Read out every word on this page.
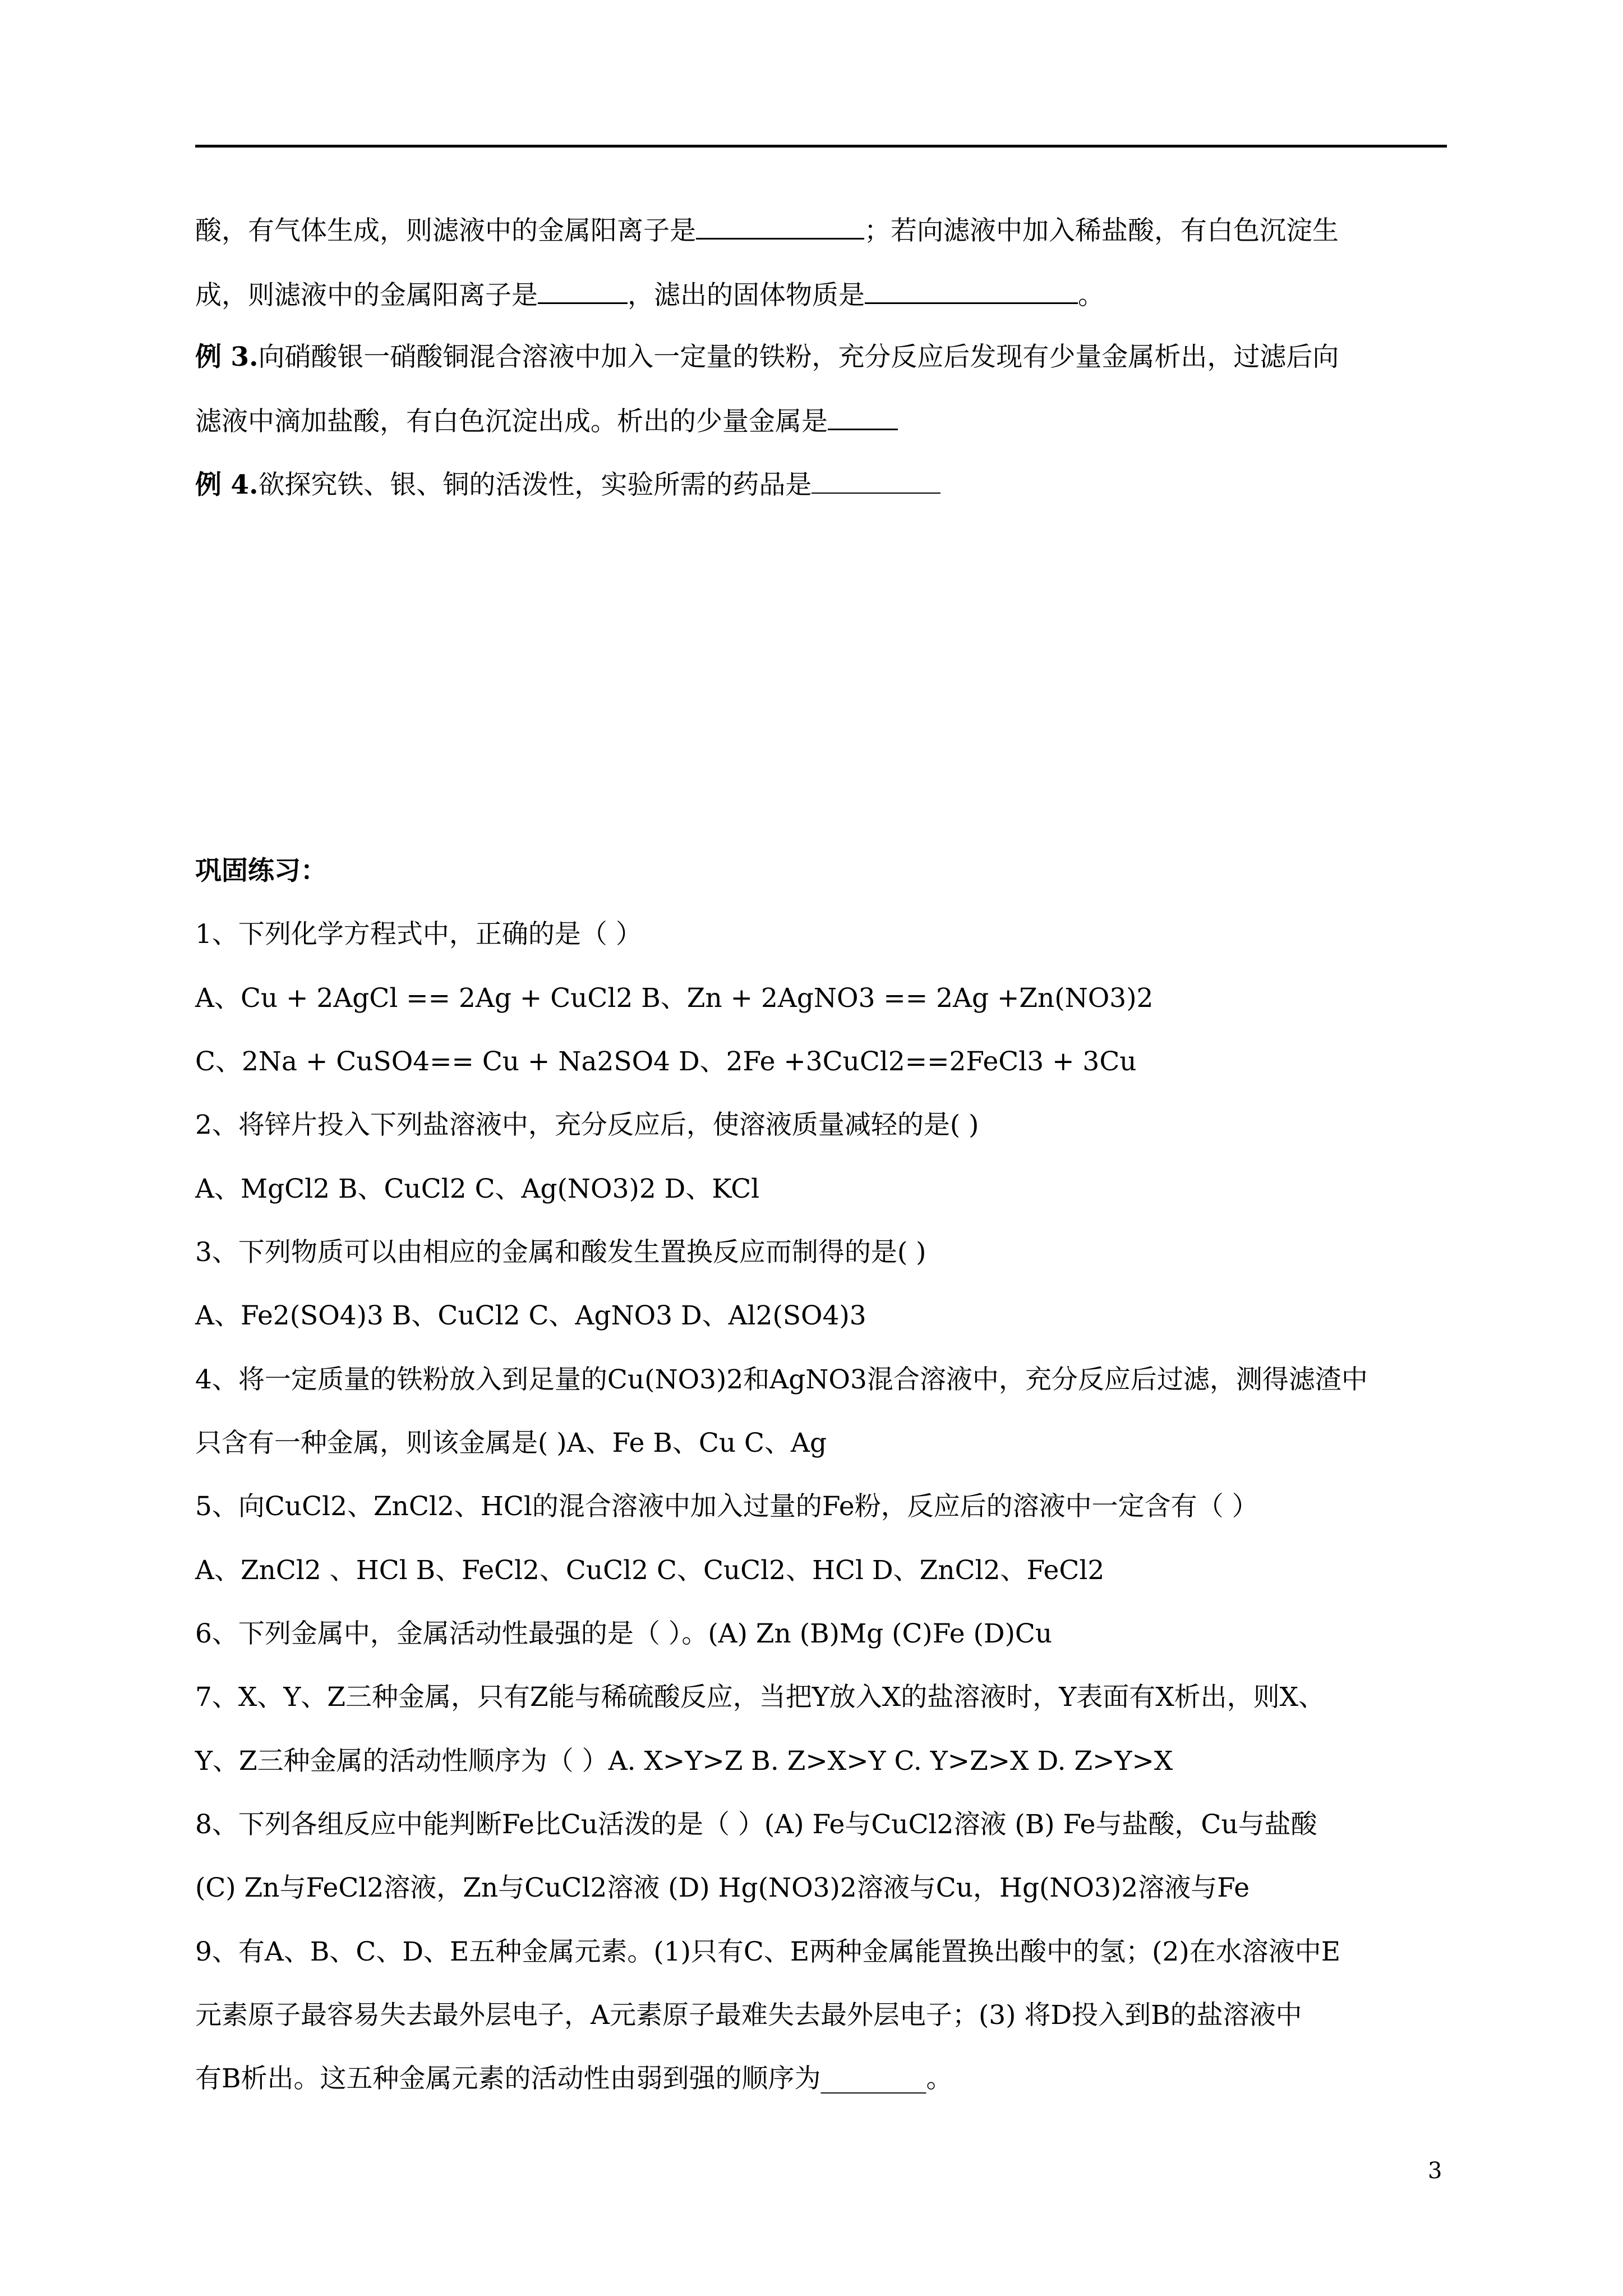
酸，有气体生成，则滤液中的金属阳离子是	；若向滤液中加入稀盐酸，有白色沉淀生
成，则滤液中的金属阳离子是	，滤出的固体物质是	。
例 3.向硝酸银一硝酸铜混合溶液中加入一定量的铁粉，充分反应后发现有少量金属析出，过滤后向
滤液中滴加盐酸，有白色沉淀出成。析出的少量金属是
例 4.欲探究铁、银、铜的活泼性，实验所需的药品是
巩固练习：
1、下列化学方程式中，正确的是（ ）
A、Cu + 2AgCl == 2Ag + CuCl2 B、Zn + 2AgNO3 == 2Ag +Zn(NO3)2
C、2Na + CuSO4== Cu + Na2SO4 D、2Fe +3CuCl2==2FeCl3 + 3Cu
2、将锌片投入下列盐溶液中，充分反应后，使溶液质量减轻的是( )
A、MgCl2 B、CuCl2 C、Ag(NO3)2 D、KCl
3、下列物质可以由相应的金属和酸发生置换反应而制得的是( )
A、Fe2(SO4)3 B、CuCl2 C、AgNO3 D、Al2(SO4)3
4、将一定质量的铁粉放入到足量的Cu(NO3)2和AgNO3混合溶液中，充分反应后过滤，测得滤渣中
只含有一种金属，则该金属是( )A、Fe B、Cu C、Ag
5、向CuCl2、ZnCl2、HCl的混合溶液中加入过量的Fe粉，反应后的溶液中一定含有（ ）
A、ZnCl2 、HCl B、FeCl2、CuCl2 C、CuCl2、HCl D、ZnCl2、FeCl2
6、下列金属中，金属活动性最强的是（ ）。(A) Zn (B)Mg (C)Fe (D)Cu
7、X、Y、Z三种金属，只有Z能与稀硫酸反应，当把Y放入X的盐溶液时，Y表面有X析出，则X、
Y、Z三种金属的活动性顺序为（ ）A. X>Y>Z B. Z>X>Y C. Y>Z>X D. Z>Y>X
8、下列各组反应中能判断Fe比Cu活泼的是（ ）(A) Fe与CuCl2溶液 (B) Fe与盐酸，Cu与盐酸
(C) Zn与FeCl2溶液，Zn与CuCl2溶液 (D) Hg(NO3)2溶液与Cu，Hg(NO3)2溶液与Fe
9、有A、B、C、D、E五种金属元素。(1)只有C、E两种金属能置换出酸中的氢；(2)在水溶液中E
元素原子最容易失去最外层电子，A元素原子最难失去最外层电子；(3) 将D投入到B的盐溶液中
有B析出。这五种金属元素的活动性由弱到强的顺序为________。
3
